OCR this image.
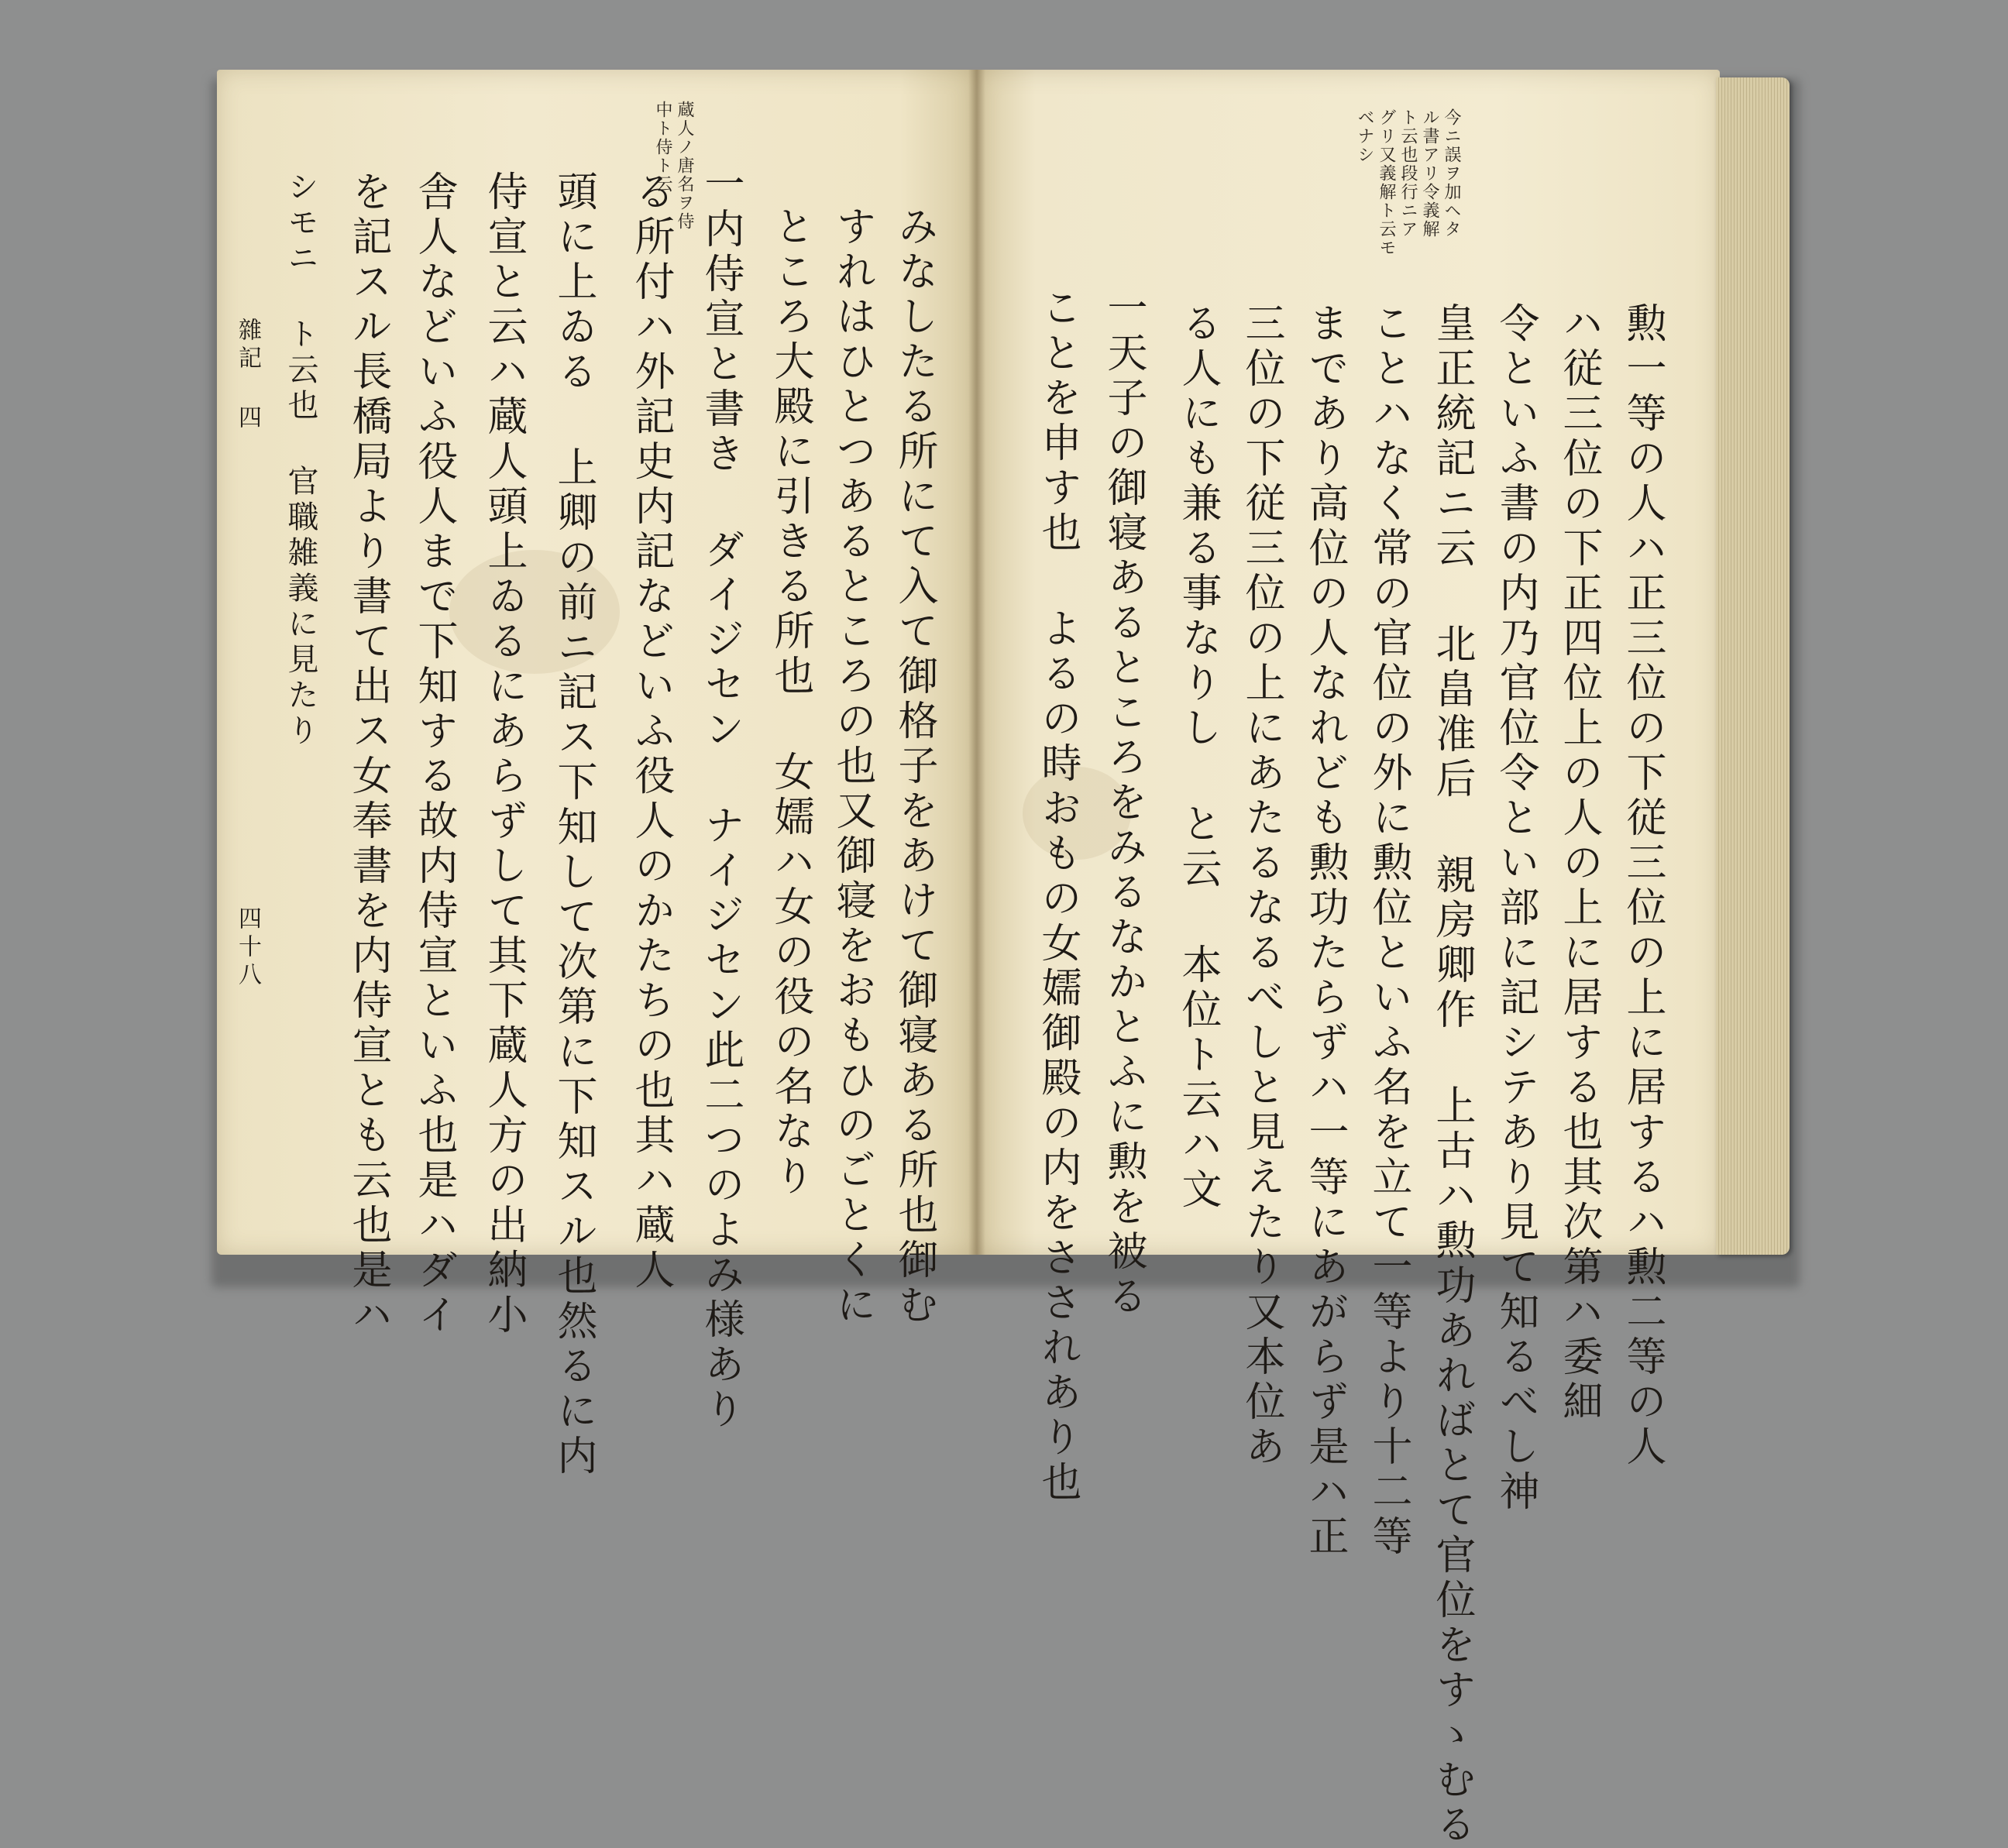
蔵人ノ唐名ヲ侍
中ト侍ト云
みなしたる所にて入て御格子をあけて御寝ある所也御む
すれはひとつあるところの也又御寝をおもひのごとくに
ところ大殿に引きる所也 女嬬ハ女の役の名なり
一内侍宣と書き ダイジセン ナイジセン此二つのよみ様あり
る所付ハ外記史内記などいふ役人のかたちの也其ハ蔵人
頭に上ゐる 上卿の前ニ記ス下知して次第に下知スル也然るに内
侍宣と云ハ蔵人頭上ゐるにあらずして其下蔵人方の出納小
舎人などいふ役人まで下知する故内侍宣といふ也是ハダイ
を記スル長橋局より書て出ス女奉書を内侍宣とも云也是ハ
シモニ ト云也 官職雑義に見たり
雜記 四
四十八
今ニ誤ヲ加ヘタ
ル書アリ令義解
ト云也段行ニア
グリ又義解ト云モ
ベナシ
勲一等の人ハ正三位の下従三位の上に居するハ勲二等の人
ハ従三位の下正四位上の人の上に居する也其次第ハ委細
令といふ書の内乃官位令とい部に記シテあり見て知るべし神
皇正統記ニ云 北畠准后 親房卿作 上古ハ勲功あればとて官位をすゝむる
ことハなく常の官位の外に勲位といふ名を立て一等より十二等
まであり高位の人なれども勲功たらずハ一等にあがらず是ハ正
三位の下従三位の上にあたるなるべしと見えたり又本位あ
る人にも兼る事なりし と云 本位ト云ハ文
一天子の御寝あるところをみるなかとふに勲を被る
ことを申す也 よるの時おもの女嬬御殿の内をさされあり也
